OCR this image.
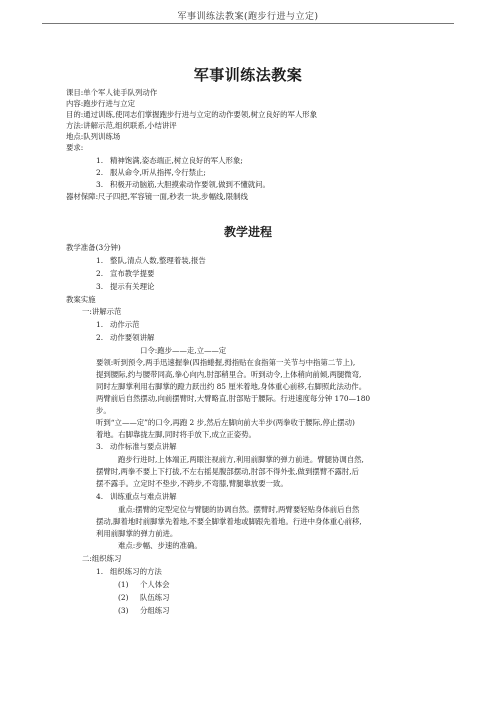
军事训练法教案(跑步行进与立定)
军事训练法教案
课目:单个军人徒手队列动作
内容:跑步行进与立定
目的:通过训练,使同志们掌握跑步行进与立定的动作要领,树立良好的军人形象
方法:讲解示范,组织联系,小结讲评
地点:队列训练场
要求:
1. 精神饱满,姿态端正,树立良好的军人形象;
2. 服从命令,听从指挥,令行禁止;
3. 积极开动脑筋,大胆摸索动作要领,做到不懂就问。
器材保障:尺子四把,军容镜一面,秒表一块,步幅线,限制线
教学进程
教学准备(3分钟)
1. 整队,清点人数,整理着装,报告
2. 宣布教学提要
3. 提示有关理论
教案实施
一:讲解示范
1. 动作示范
2. 动作要领讲解
口令:跑步——走,立——定
要领:听到预令,两手迅速握拳(四指蜷握,拇指贴在食指第一关节与中指第二节上),
提到腰际,约与腰带同高,拳心向内,肘部稍里合。听到动令,上体稍向前倾,两腿微弯,
同时左脚掌利用右脚掌的蹬力跃出约 85 厘米着地,身体重心前移,右脚照此法动作。
两臂前后自然摆动,向前摆臂时,大臂略直,肘部贴于腰际。行进速度每分钟 170—180
步。
听到“立——定”的口令,再跑 2 步,然后左脚向前大半步(两拳收于腰际,停止摆动)
着地。右脚靠拢左脚,同时将手放下,成立正姿势。
3. 动作标准与要点讲解
跑步行进时,上体端正,两眼注视前方,利用前脚掌的弹力前进。臂腿协调自然,
摆臂时,两拳不要上下打拔,不左右摇晃腹部摆动,肘部不得外张,做到摆臂不露肘,后
摆不露手。立定时不垫步,不跨步,不弯膝,臂腿靠放要一致。
4. 训练重点与难点讲解
重点:摆臂的定型定位与臂腿的协调自然。摆臂时,两臂要轻贴身体前后自然
摆动,脚着地时前脚掌先着地,不要全脚掌着地或脚跟先着地。行进中身体重心前移,
利用前脚掌的弹力前进。
难点:步幅、步速的准确。
二:组织练习
1. 组织练习的方法
(1) 个人体会
(2) 队伍练习
(3) 分组练习
